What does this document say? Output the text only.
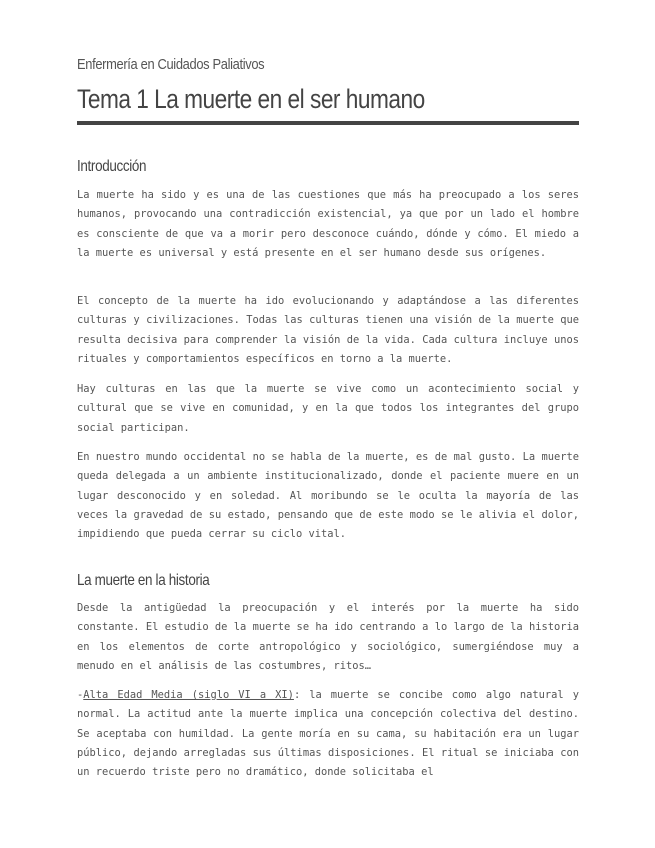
Enfermería en Cuidados Paliativos
Tema 1 La muerte en el ser humano
Introducción

La muerte ha sido y es una de las cuestiones que más ha preocupado a los seres humanos, provocando una contradicción existencial, ya que por un lado el hombre es consciente de que va a morir pero desconoce cuándo, dónde y cómo. El miedo a la muerte es universal y está presente en el ser humano desde sus orígenes.

El concepto de la muerte ha ido evolucionando y adaptándose a las diferentes culturas y civilizaciones. Todas las culturas tienen una visión de la muerte que resulta decisiva para comprender la visión de la vida. Cada cultura incluye unos rituales y comportamientos específicos en torno a la muerte.

Hay culturas en las que la muerte se vive como un acontecimiento social y cultural que se vive en comunidad, y en la que todos los integrantes del grupo social participan.

En nuestro mundo occidental no se habla de la muerte, es de mal gusto. La muerte queda delegada a un ambiente institucionalizado, donde el paciente muere en un lugar desconocido y en soledad. Al moribundo se le oculta la mayoría de las veces la gravedad de su estado, pensando que de este modo se le alivia el dolor, impidiendo que pueda cerrar su ciclo vital.

La muerte en la historia

Desde la antigüedad la preocupación y el interés por la muerte ha sido constante. El estudio de la muerte se ha ido centrando a lo largo de la historia en los elementos de corte antropológico y sociológico, sumergiéndose muy a menudo en el análisis de las costumbres, ritos…

-Alta Edad Media (siglo VI a XI): la muerte se concibe como algo natural y normal. La actitud ante la muerte implica una concepción colectiva del destino. Se aceptaba con humildad. La gente moría en su cama, su habitación era un lugar público, dejando arregladas sus últimas disposiciones. El ritual se iniciaba con un recuerdo triste pero no dramático, donde solicitaba el
